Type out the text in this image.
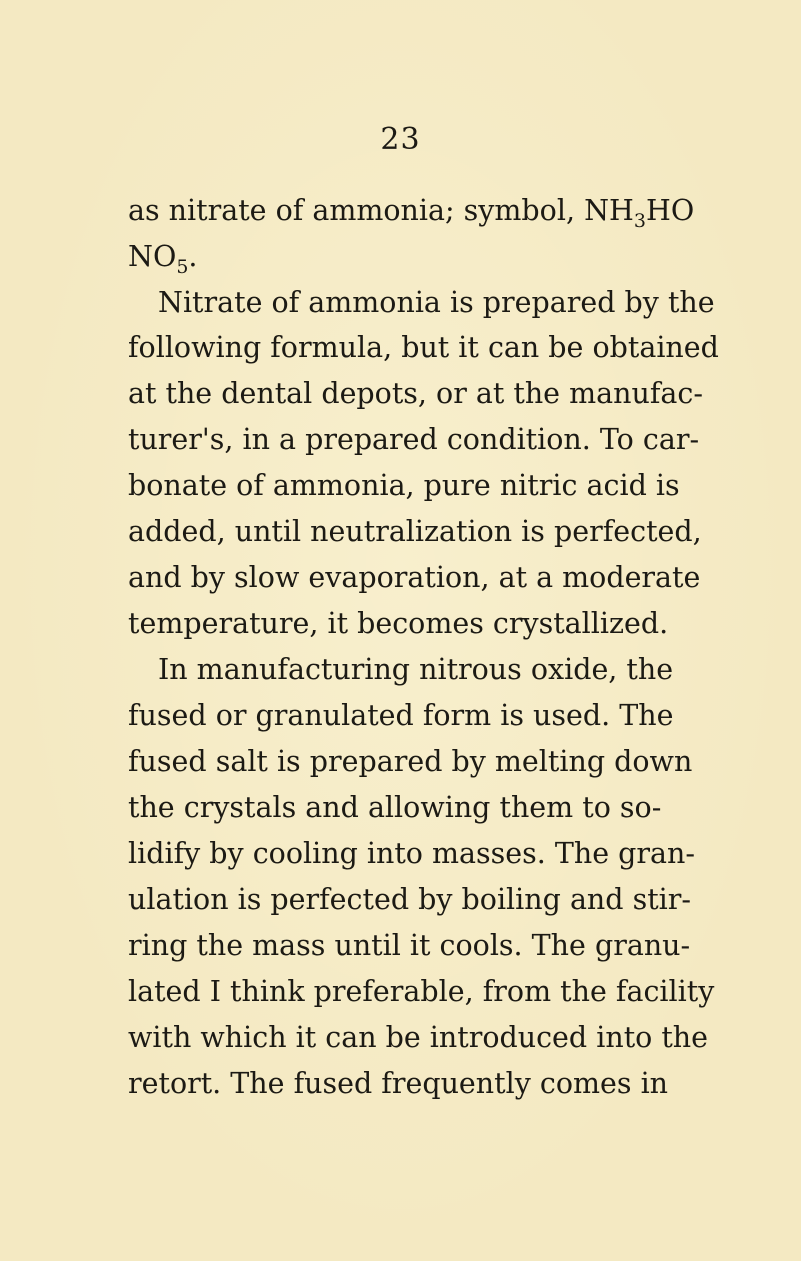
23
as nitrate of ammonia; symbol, $NH_3HO$
$NO_5$.
Nitrate of ammonia is prepared by the
following formula, but it can be obtained
at the dental depots, or at the manufac-
turer's, in a prepared condition. To car-
bonate of ammonia, pure nitric acid is
added, until neutralization is perfected,
and by slow evaporation, at a moderate
temperature, it becomes crystallized.
In manufacturing nitrous oxide, the
fused or granulated form is used. The
fused salt is prepared by melting down
the crystals and allowing them to so-
lidify by cooling into masses. The gran-
ulation is perfected by boiling and stir-
ring the mass until it cools. The granu-
lated I think preferable, from the facility
with which it can be introduced into the
retort. The fused frequently comes in
